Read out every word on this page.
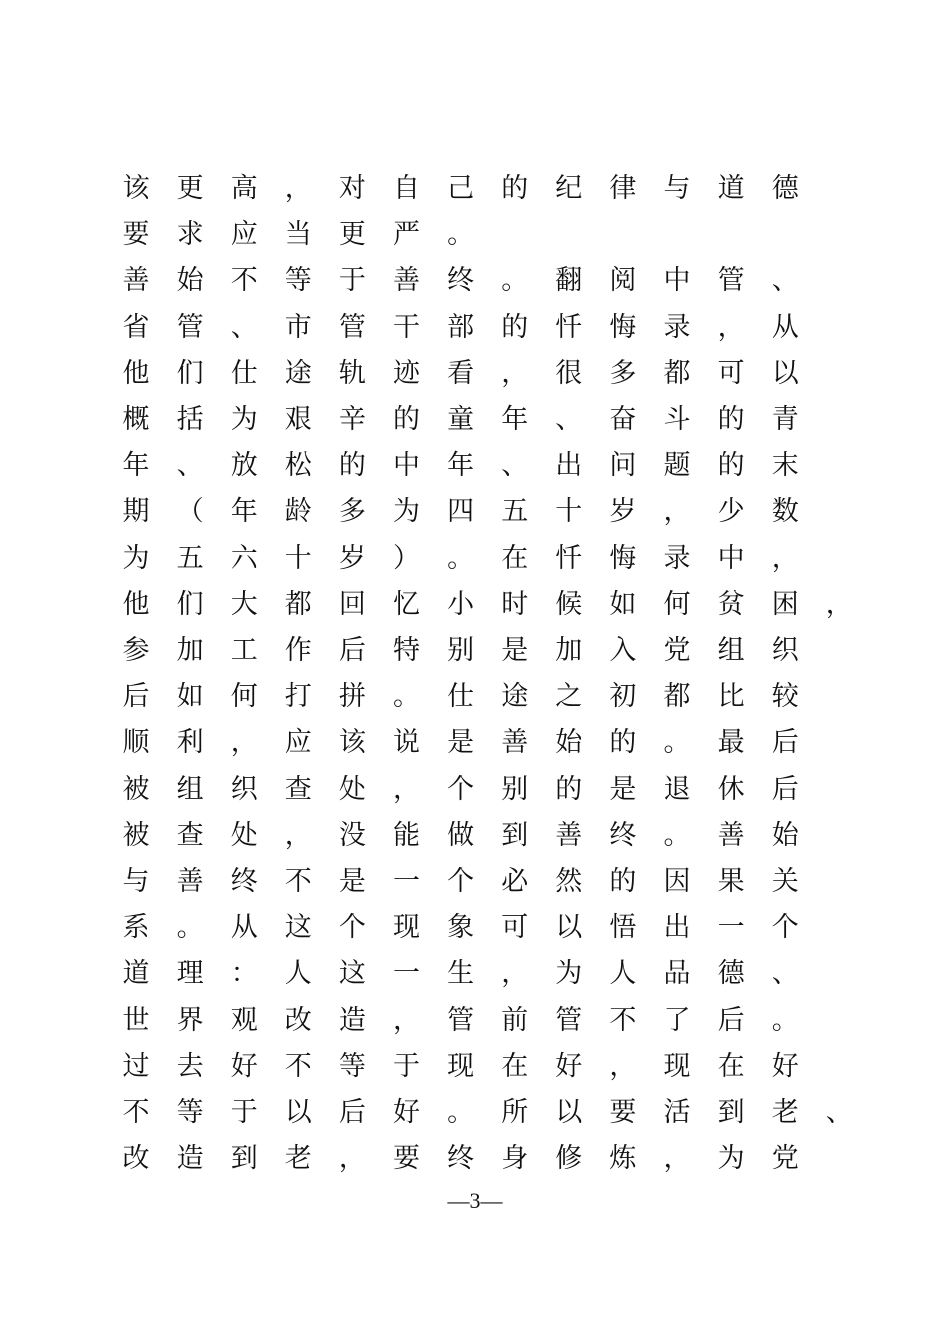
该 更 高 ， 对 自 己 的 纪 律 与 道 德
要 求 应 当 更 严 。
善 始 不 等 于 善 终 。 翻 阅 中 管 、
省 管 、 市 管 干 部 的 忏 悔 录 ， 从
他 们 仕 途 轨 迹 看 ， 很 多 都 可 以
概 括 为 艰 辛 的 童 年 、 奋 斗 的 青
年 、 放 松 的 中 年 、 出 问 题 的 末
期 （ 年 龄 多 为 四 五 十 岁 ， 少 数
为 五 六 十 岁 ） 。 在 忏 悔 录 中 ，
他 们 大 都 回 忆 小 时 候 如 何 贫 困 ，
参 加 工 作 后 特 别 是 加 入 党 组 织
后 如 何 打 拼 。 仕 途 之 初 都 比 较
顺 利 ， 应 该 说 是 善 始 的 。 最 后
被 组 织 查 处 ， 个 别 的 是 退 休 后
被 查 处 ， 没 能 做 到 善 终 。 善 始
与 善 终 不 是 一 个 必 然 的 因 果 关
系 。 从 这 个 现 象 可 以 悟 出 一 个
道 理 ： 人 这 一 生 ， 为 人 品 德 、
世 界 观 改 造 ， 管 前 管 不 了 后 。
过 去 好 不 等 于 现 在 好 ， 现 在 好
不 等 于 以 后 好 。 所 以 要 活 到 老 、
改 造 到 老 ， 要 终 身 修 炼 ， 为 党
—3—
